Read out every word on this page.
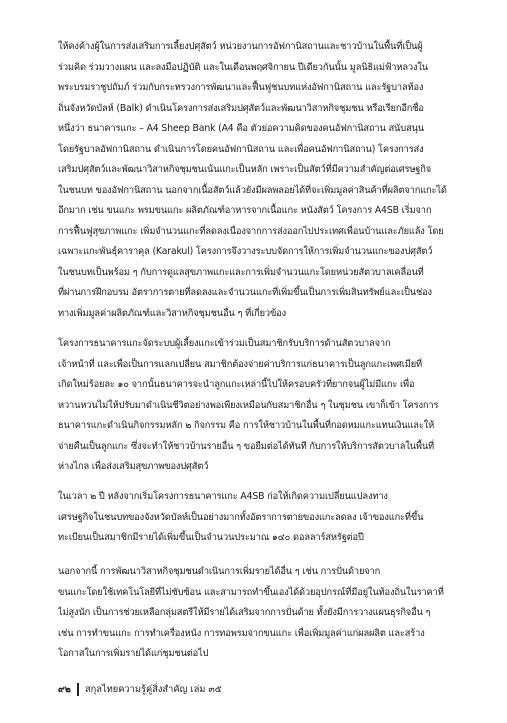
ให้คงค้างผู้ในการส่งเสริมการเลี้ยงปศุสัตว์ หน่วยงานการอัฟกานิสถานและชาวบ้านในพื้นที่เป็นผู้
ร่วมคิด ร่วมวางแผน และลงมือปฏิบัติ และในเดือนพฤศจิกายน ปีเดียวกันนั้น มูลนิธิแม่ฟ้าหลวงใน
พระบรมราชูปถัมภ์ ร่วมกับกระทรวงการพัฒนาและฟื้นฟูชนบทแห่งอัฟกานิสถาน และรัฐบาลท้อง
ถิ่นจังหวัดบัลห์ (Balk) ดำเนินโครงการส่งเสริมปศุสัตว์และพัฒนาวิสาหกิจชุมชน หรือเรียกอีกชื่อ
หนึ่งว่า ธนาคารแกะ – A4 Sheep Bank (A4 คือ ตัวย่อความคิดของคนอัฟกานิสถาน สนับสนุน
โดยรัฐบาลอัฟกานิสถาน ดำเนินการโดยคนอัฟกานิสถาน และเพื่อคนอัฟกานิสถาน) โครงการส่ง
เสริมปศุสัตว์และพัฒนาวิสาหกิจชุมชนเน้นแกะเป็นหลัก เพราะเป็นสัตว์ที่มีความสำคัญต่อเศรษฐกิจ
ในชนบท ของอัฟกานิสถาน นอกจากเนื้อสัตว์แล้วยังมีผลพลอยได้ที่จะเพิ่มมูลค่าสินค้าที่ผลิตจากแกะได้
อีกมาก เช่น ขนแกะ พรมขนแกะ ผลิตภัณฑ์อาหารจากเนื้อแกะ หนังสัตว์ โครงการ A4SB เริ่มจาก
การฟื้นฟูสุขภาพแกะ เพิ่มจำนวนแกะที่ลดลงเนื่องจากการส่งออกไปประเทศเพื่อนบ้านและภัยแล้ง โดย
เฉพาะแกะพันธุ์คาราคุล (Karakul) โครงการจึงวางระบบจัดการให้การเพิ่มจำนวนแกะของปศุสัตว์
ในชนบทเป็นพร้อม ๆ กับการดูแลสุขภาพแกะและการเพิ่มจำนวนแกะโดยหน่วยสัตวบาลเคลื่อนที่
ที่ผ่านการฝึกอบรม อัตราการตายที่ลดลงและจำนวนแกะที่เพิ่มขึ้นเป็นการเพิ่มสินทรัพย์และเป็นช่อง
ทางเพิ่มมูลค่าผลิตภัณฑ์และวิสาหกิจชุมชนอื่น ๆ ที่เกี่ยวข้อง
โครงการธนาคารแกะจัดระบบผู้เลี้ยงแกะเข้าร่วมเป็นสมาชิกรับบริการด้านสัตวบาลจาก
เจ้าหน้าที่ และเพื่อเป็นการแลกเปลี่ยน สมาชิกต้องจ่ายค่าบริการแก่ธนาคารเป็นลูกแกะเพศเมียที่
เกิดใหม่ร้อยละ ๑๐ จากนั้นธนาคารจะนำลูกแกะเหล่านี้ไปให้ครอบครัวที่ยากจนผู้ไม่มีแกะ เพื่อ
หวานหวนไม่ให้ปรับมาดำเนินชีวิตอย่างพอเพียงเหมือนกับสมาชิกอื่น ๆ ในชุมชน เขาก็เข้า โครงการ
ธนาคารแกะดำเนินกิจกรรมหลัก ๒ กิจกรรม คือ การให้ชาวบ้านในพื้นที่กอดหมแกะแทนเงินและให้
จ่ายคืนเป็นลูกแกะ ซึ่งจะทำให้ชาวบ้านรายอื่น ๆ ขอยืมต่อได้ทันที กับการให้บริการสัตวบาลในพื้นที่
ห่างไกล เพื่อส่งเสริมสุขภาพของปศุสัตว์
ในเวลา ๒ ปี หลังจากเริ่มโครงการธนาคารแกะ A4SB ก่อให้เกิดความเปลี่ยนแปลงทาง
เศรษฐกิจในชนบทของจังหวัดบัลห์เป็นอย่างมากทั้งอัตราการตายของแกะลดลง เจ้าของแกะที่ขึ้น
ทะเบียนเป็นสมาชิกมีรายได้เพิ่มขึ้นเป็นจำนวนประมาณ ๑๔๐ ดอลลาร์สหรัฐต่อปี
นอกจากนี้ การพัฒนาวิสาหกิจชุมชนดำเนินการเพิ่มรายได้อื่น ๆ เช่น การปั่นด้ายจาก
ขนแกะโดยใช้เทคโนโลยีที่ไม่ซับซ้อน และสามารถทำขึ้นเองได้ด้วยอุปกรณ์ที่มีอยู่ในท้องถิ่นในราคาที่
ไม่สูงนัก เป็นการช่วยเหลือกลุ่มสตรีให้มีรายได้เสริมจากการปั่นด้าย ทั้งยังมีการวางแผนธุรกิจอื่น ๆ
เช่น การทำขนแกะ การทำเครื่องหนัง การทอพรมจากขนแกะ เพื่อเพิ่มมูลค่าแก่ผลผลิต และสร้าง
โอกาสในการเพิ่มรายได้แก่ชุมชนต่อไป
๙๒ สกุลไทยความรู้คู่สิ่งสำคัญ เล่ม ๓๕
